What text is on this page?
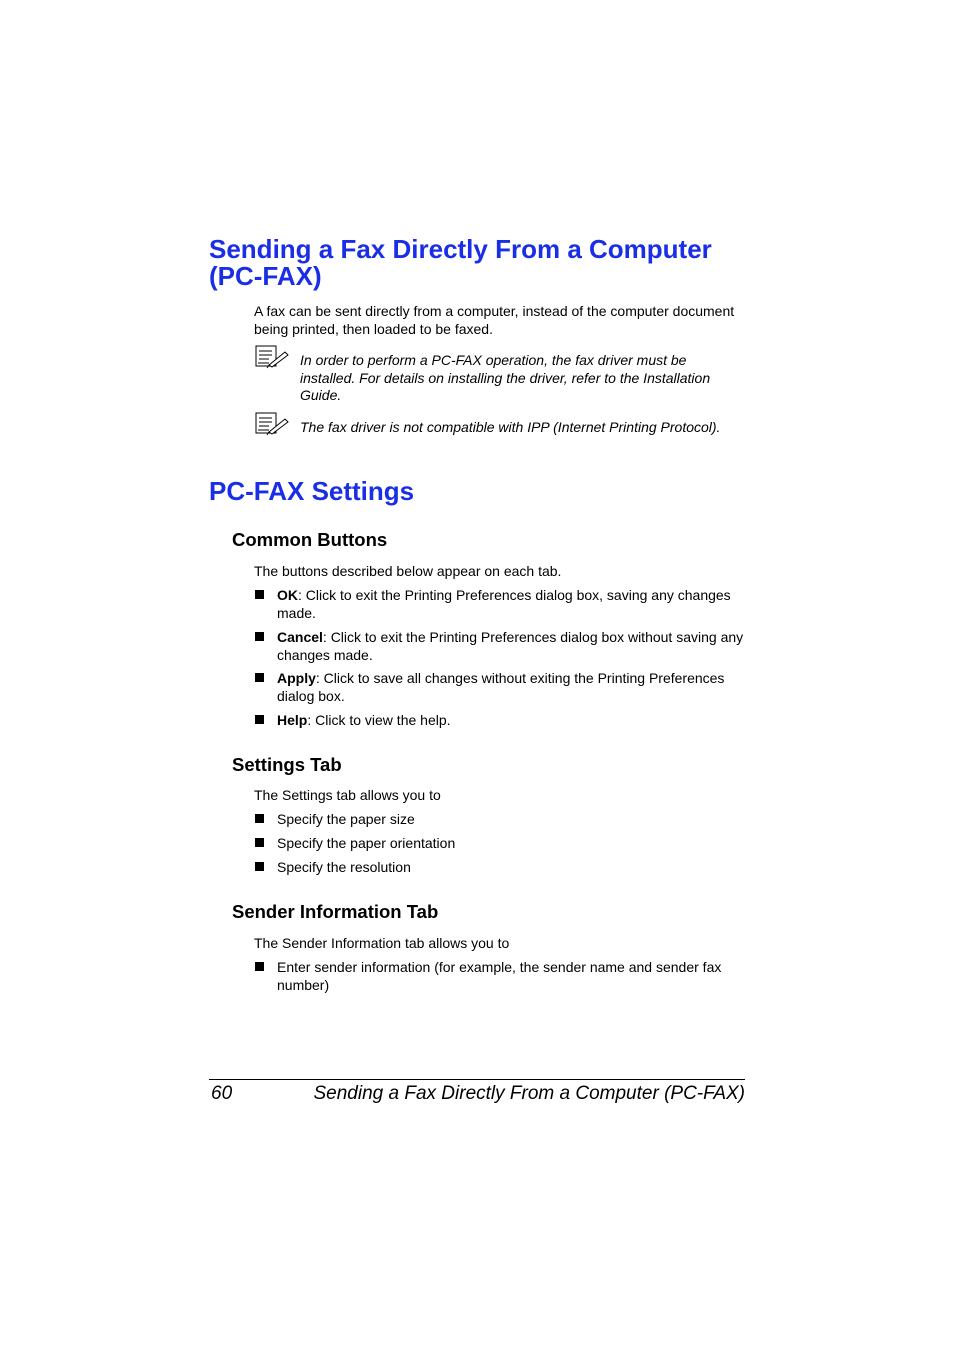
Sending a Fax Directly From a Computer (PC-FAX)

A fax can be sent directly from a computer, instead of the computer document being printed, then loaded to be faxed.

In order to perform a PC-FAX operation, the fax driver must be installed. For details on installing the driver, refer to the Installation Guide.

The fax driver is not compatible with IPP (Internet Printing Protocol).

PC-FAX Settings
Common Buttons

The buttons described below appear on each tab.

OK: Click to exit the Printing Preferences dialog box, saving any changes made.
Cancel: Click to exit the Printing Preferences dialog box without saving any changes made.
Apply: Click to save all changes without exiting the Printing Preferences dialog box.
Help: Click to view the help.
Settings Tab

The Settings tab allows you to

Specify the paper size
Specify the paper orientation
Specify the resolution
Sender Information Tab

The Sender Information tab allows you to

Enter sender information (for example, the sender name and sender fax number)
60	Sending a Fax Directly From a Computer (PC-FAX)
